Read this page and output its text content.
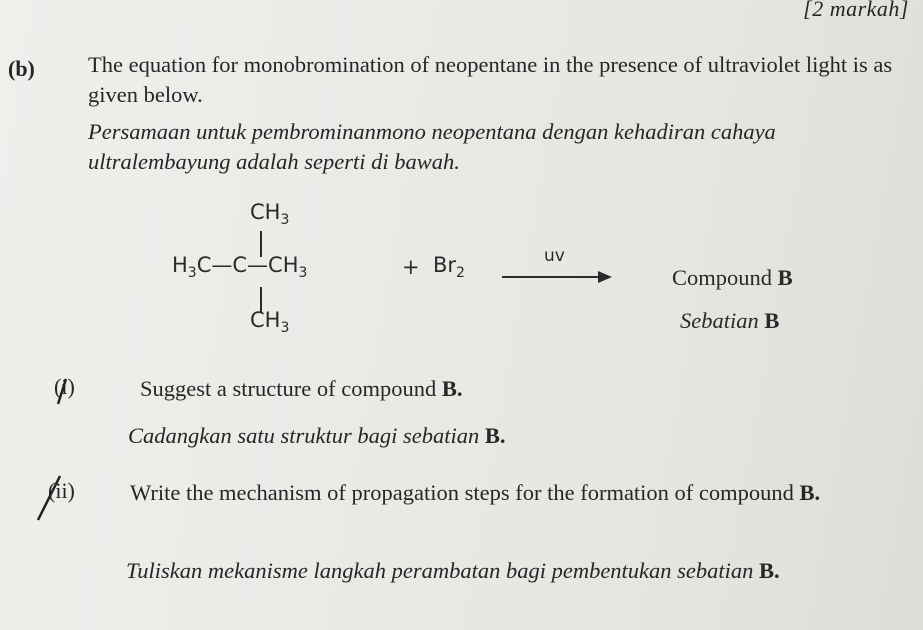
[2 markah]
(b) The equation for monobromination of neopentane in the presence of ultraviolet light is as given below.
Persamaan untuk pembrominanmono neopentana dengan kehadiran cahaya ultralembayung adalah seperti di bawah.
$CH_3$
$H_3C—C—CH_3$
$CH_3$
+ $Br_2$
uv
Compound B
Sebatian B
(i)	Suggest a structure of compound B.
Cadangkan satu struktur bagi sebatian B.
(ii) Write the mechanism of propagation steps for the formation of compound B.
Tuliskan mekanisme langkah perambatan bagi pembentukan sebatian B.
